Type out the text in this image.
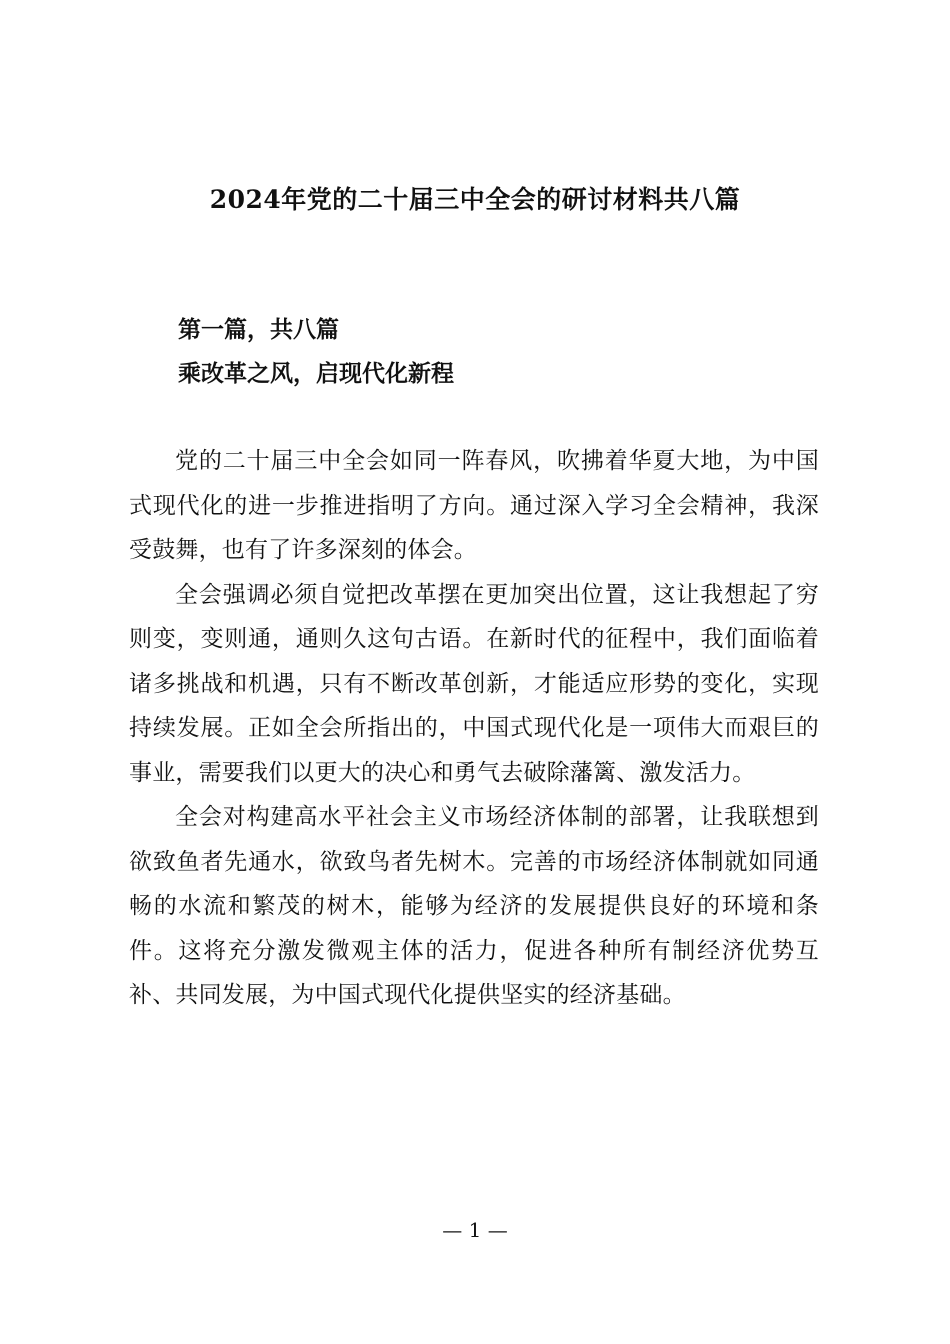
2024年党的二十届三中全会的研讨材料共八篇
第一篇，共八篇
乘改革之风，启现代化新程

党的二十届三中全会如同一阵春风，吹拂着华夏大地，为中国式现代化的进一步推进指明了方向。通过深入学习全会精神，我深受鼓舞，也有了许多深刻的体会。

全会强调必须自觉把改革摆在更加突出位置，这让我想起了穷则变，变则通，通则久这句古语。在新时代的征程中，我们面临着诸多挑战和机遇，只有不断改革创新，才能适应形势的变化，实现持续发展。正如全会所指出的，中国式现代化是一项伟大而艰巨的事业，需要我们以更大的决心和勇气去破除藩篱、激发活力。

全会对构建高水平社会主义市场经济体制的部署，让我联想到欲致鱼者先通水，欲致鸟者先树木。完善的市场经济体制就如同通畅的水流和繁茂的树木，能够为经济的发展提供良好的环境和条件。这将充分激发微观主体的活力，促进各种所有制经济优势互补、共同发展，为中国式现代化提供坚实的经济基础。

— 1 —
